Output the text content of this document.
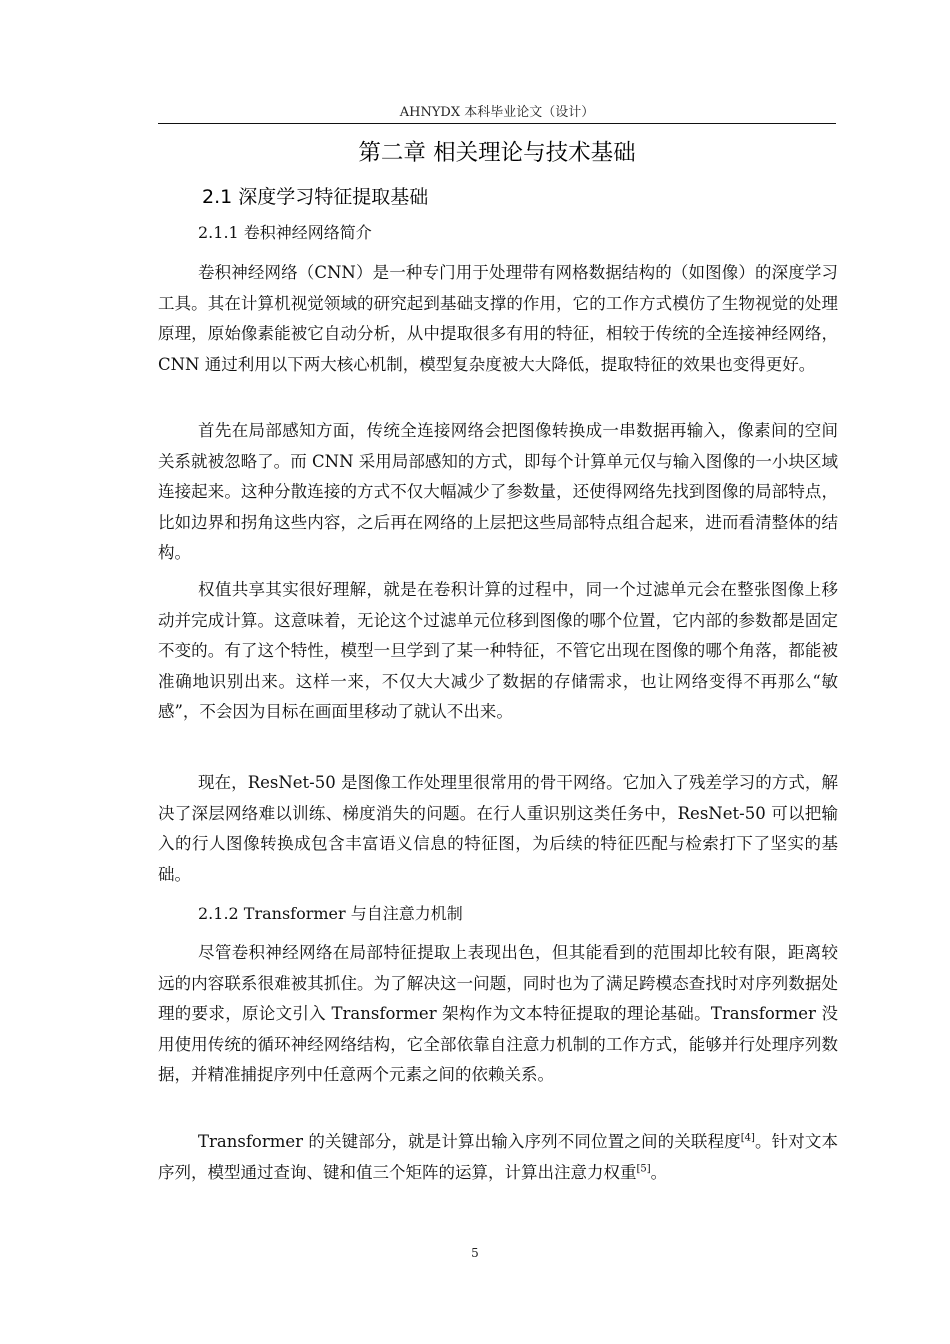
AHNYDX 本科毕业论文（设计）
第二章 相关理论与技术基础
2.1 深度学习特征提取基础
2.1.1 卷积神经网络简介

卷积神经网络（CNN）是一种专门用于处理带有网格数据结构的（如图像）的深度学习工具。其在计算机视觉领域的研究起到基础支撑的作用，它的工作方式模仿了生物视觉的处理原理，原始像素能被它自动分析，从中提取很多有用的特征，相较于传统的全连接神经网络，CNN 通过利用以下两大核心机制，模型复杂度被大大降低，提取特征的效果也变得更好。

首先在局部感知方面，传统全连接网络会把图像转换成一串数据再输入，像素间的空间关系就被忽略了。而 CNN 采用局部感知的方式，即每个计算单元仅与输入图像的一小块区域连接起来。这种分散连接的方式不仅大幅减少了参数量，还使得网络先找到图像的局部特点，比如边界和拐角这些内容，之后再在网络的上层把这些局部特点组合起来，进而看清整体的结构。

权值共享其实很好理解，就是在卷积计算的过程中，同一个过滤单元会在整张图像上移动并完成计算。这意味着，无论这个过滤单元位移到图像的哪个位置，它内部的参数都是固定不变的。有了这个特性，模型一旦学到了某一种特征，不管它出现在图像的哪个角落，都能被准确地识别出来。这样一来，不仅大大减少了数据的存储需求，也让网络变得不再那么“敏感”，不会因为目标在画面里移动了就认不出来。

现在，ResNet-50 是图像工作处理里很常用的骨干网络。它加入了残差学习的方式，解决了深层网络难以训练、梯度消失的问题。在行人重识别这类任务中，ResNet-50 可以把输入的行人图像转换成包含丰富语义信息的特征图，为后续的特征匹配与检索打下了坚实的基础。

2.1.2 Transformer 与自注意力机制

尽管卷积神经网络在局部特征提取上表现出色，但其能看到的范围却比较有限，距离较远的内容联系很难被其抓住。为了解决这一问题，同时也为了满足跨模态查找时对序列数据处理的要求，原论文引入 Transformer 架构作为文本特征提取的理论基础。Transformer 没用使用传统的循环神经网络结构，它全部依靠自注意力机制的工作方式，能够并行处理序列数据，并精准捕捉序列中任意两个元素之间的依赖关系。

Transformer 的关键部分，就是计算出输入序列不同位置之间的关联程度[4]。针对文本序列，模型通过查询、键和值三个矩阵的运算，计算出注意力权重[5]。

5
